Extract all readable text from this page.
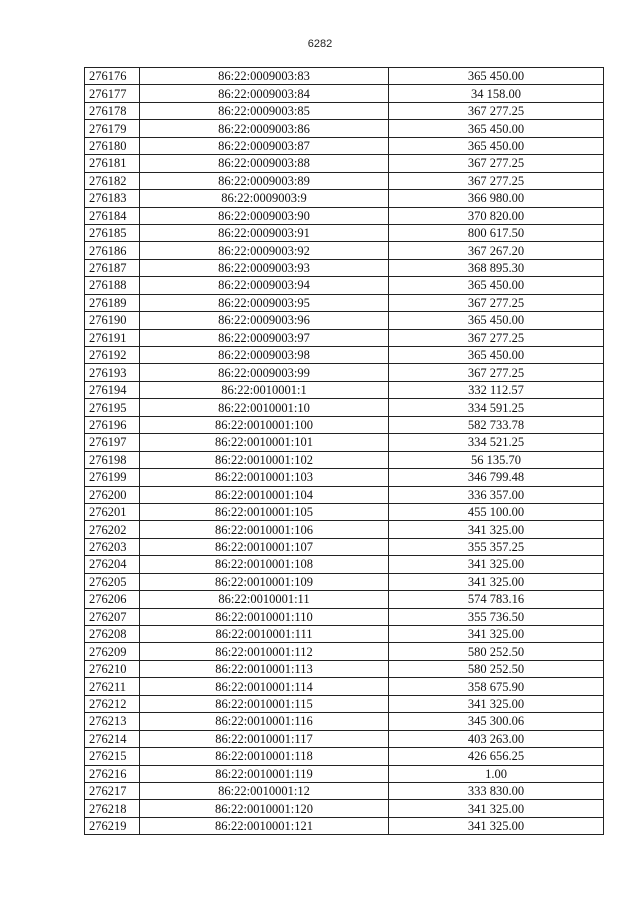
6282
276176	86:22:0009003:83	365 450.00
276177	86:22:0009003:84	34 158.00
276178	86:22:0009003:85	367 277.25
276179	86:22:0009003:86	365 450.00
276180	86:22:0009003:87	365 450.00
276181	86:22:0009003:88	367 277.25
276182	86:22:0009003:89	367 277.25
276183	86:22:0009003:9	366 980.00
276184	86:22:0009003:90	370 820.00
276185	86:22:0009003:91	800 617.50
276186	86:22:0009003:92	367 267.20
276187	86:22:0009003:93	368 895.30
276188	86:22:0009003:94	365 450.00
276189	86:22:0009003:95	367 277.25
276190	86:22:0009003:96	365 450.00
276191	86:22:0009003:97	367 277.25
276192	86:22:0009003:98	365 450.00
276193	86:22:0009003:99	367 277.25
276194	86:22:0010001:1	332 112.57
276195	86:22:0010001:10	334 591.25
276196	86:22:0010001:100	582 733.78
276197	86:22:0010001:101	334 521.25
276198	86:22:0010001:102	56 135.70
276199	86:22:0010001:103	346 799.48
276200	86:22:0010001:104	336 357.00
276201	86:22:0010001:105	455 100.00
276202	86:22:0010001:106	341 325.00
276203	86:22:0010001:107	355 357.25
276204	86:22:0010001:108	341 325.00
276205	86:22:0010001:109	341 325.00
276206	86:22:0010001:11	574 783.16
276207	86:22:0010001:110	355 736.50
276208	86:22:0010001:111	341 325.00
276209	86:22:0010001:112	580 252.50
276210	86:22:0010001:113	580 252.50
276211	86:22:0010001:114	358 675.90
276212	86:22:0010001:115	341 325.00
276213	86:22:0010001:116	345 300.06
276214	86:22:0010001:117	403 263.00
276215	86:22:0010001:118	426 656.25
276216	86:22:0010001:119	1.00
276217	86:22:0010001:12	333 830.00
276218	86:22:0010001:120	341 325.00
276219	86:22:0010001:121	341 325.00
